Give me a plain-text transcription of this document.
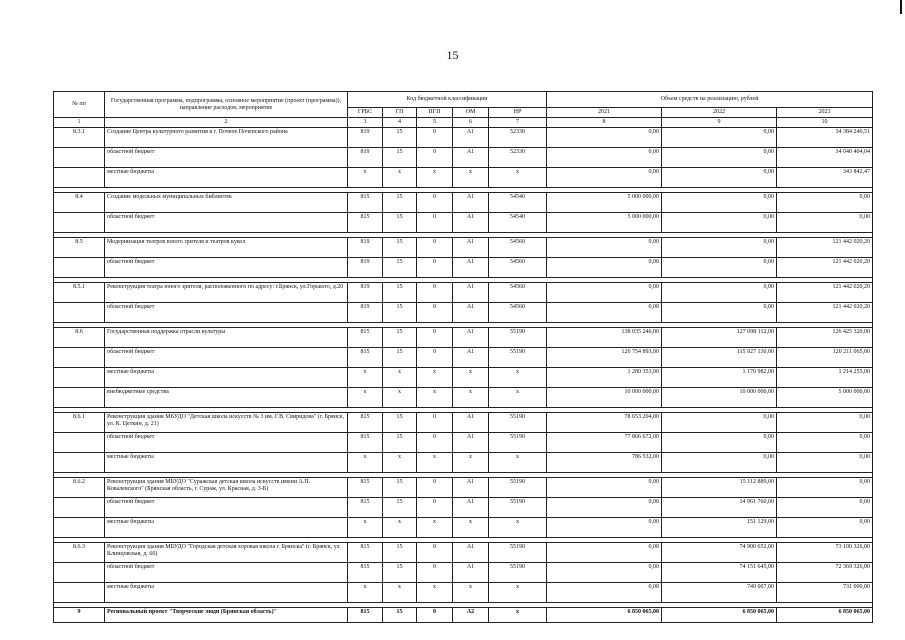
15
№ пп	Государственная программа, подпрограмма, основное мероприятие (проект (программа)), направление расходов, мероприятие	Код бюджетной классификации					Объем средств на реализацию, рублей		
		ГРБС	ГП	ПГП	ОМ	НР	2021	2022	2023
1	2	3	4	5	6	7	8	9	10
8.3.1	Создание Центра культурного развития в г. Почепе Почепского района	819	15	0	A1	52330	0,00	0,00	34 384 246,51
	областной бюджет	819	15	0	A1	52330	0,00	0,00	34 040 404,04
	местные бюджеты	x	x	x	x	x	0,00	0,00	343 842,47

8.4	Создание модельных муниципальных библиотек	815	15	0	A1	54540	5 000 000,00	0,00	0,00
	областной бюджет	815	15	0	A1	54540	5 000 000,00	0,00	0,00

8.5	Модернизация театров юного зрителя и театров кукол	819	15	0	A1	54560	0,00	0,00	121 442 020,20
	областной бюджет	819	15	0	A1	54560	0,00	0,00	121 442 020,20

8.5.1	Реконструкция театра юного зрителя, расположенного по адресу: г.Брянск, ул.Горького, д.20	819	15	0	A1	54560	0,00	0,00	121 442 020,20
	областной бюджет	819	15	0	A1	54560	0,00	0,00	121 442 020,20

8.6	Государственная поддержка отрасли культуры	815	15	0	A1	55190	138 035 246,00	127 098 112,00	126 425 320,00
	областной бюджет	815	15	0	A1	55190	126 754 893,00	115 927 130,00	120 211 065,00
	местные бюджеты	x	x	x	x	x	1 280 353,00	1 170 982,00	1 214 255,00
	внебюджетные средства	x	x	x	x	x	10 000 000,00	10 000 000,00	5 000 000,00

8.6.1	Реконструкция здания МБУДО "Детская школа искусств № 3 им. Г.В. Свиридова" (г. Брянск, ул. К. Цеткин, д. 21)	815	15	0	A1	55190	78 653 204,00	0,00	0,00
	областной бюджет	815	15	0	A1	55190	77 866 672,00	0,00	0,00
	местные бюджеты	x	x	x	x	x	786 532,00	0,00	0,00

8.6.2	Реконструкция здания МБУДО "Суражская детская школа искусств имени А.П. Ковалевского" (Брянская область, г. Сураж, ул. Красная, д. 3-Б)	815	15	0	A1	55190	0,00	15 112 889,00	0,00
	областной бюджет	815	15	0	A1	55190	0,00	14 961 760,00	0,00
	местные бюджеты	x	x	x	x	x	0,00	151 129,00	0,00

8.6.3	Реконструкция здания МБУДО "Городская детская хоровая школа г. Брянска" (г. Брянск, ул. Клинцовская, д. 60)	815	15	0	A1	55190	0,00	74 900 652,00	73 100 326,00
	областной бюджет	815	15	0	A1	55190	0,00	74 151 645,00	72 369 326,00
	местные бюджеты	x	x	x	x	x	0,00	749 007,00	731 000,00

9	Региональный проект "Творческие люди (Брянская область)"	815	15	0	A2	x	6 850 065,00	6 850 065,00	6 850 065,00
